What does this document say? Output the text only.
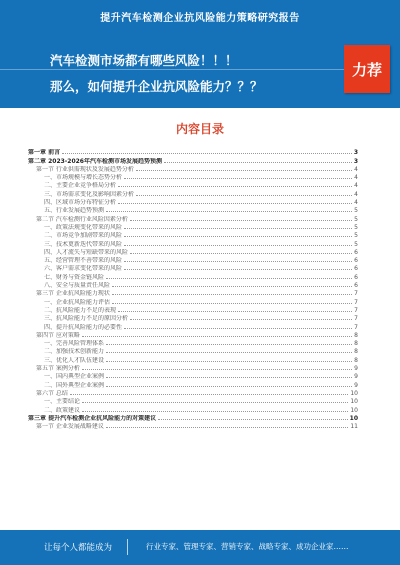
提升汽车检测企业抗风险能力策略研究报告
汽车检测市场都有哪些风险！！！
那么，如何提升企业抗风险能力？？？
力荐
内容目录
第一章 前言	3
第二章 2023-2026年汽车检测市场发展趋势预测	3
第一节 行业供需现状及发展趋势分析	4
一、市场规模与增长态势分析	4
二、主要企业竞争格局分析	4
三、市场需求变化及影响因素分析	4
四、区域市场分布特征分析	4
五、行业发展趋势预测	5
第二节 汽车检测行业风险因素分析	5
一、政策法规变化带来的风险	5
二、市场竞争加剧带来的风险	5
三、技术更新迭代带来的风险	5
四、人才流失与短缺带来的风险	6
五、经营管理不善带来的风险	6
六、客户需求变化带来的风险	6
七、财务与资金链风险	6
八、安全与质量责任风险	6
第三节 企业抗风险能力现状	7
一、企业抗风险能力评估	7
二、抗风险能力不足的表现	7
三、抗风险能力不足的原因分析	7
四、提升抗风险能力的必要性	7
第四节 应对策略	8
一、完善风险管理体系	8
二、加强技术创新能力	8
三、优化人才队伍建设	8
第五节 案例分析	9
一、国内典型企业案例	9
二、国外典型企业案例	9
第六节 总结	10
一、主要结论	10
二、政策建议	10
第三章 提升汽车检测企业抗风险能力的对策建议	10
第一节 企业发展战略建议	11
让每个人都能成为	行业专家、管理专家、营销专家、战略专家、成功企业家……
